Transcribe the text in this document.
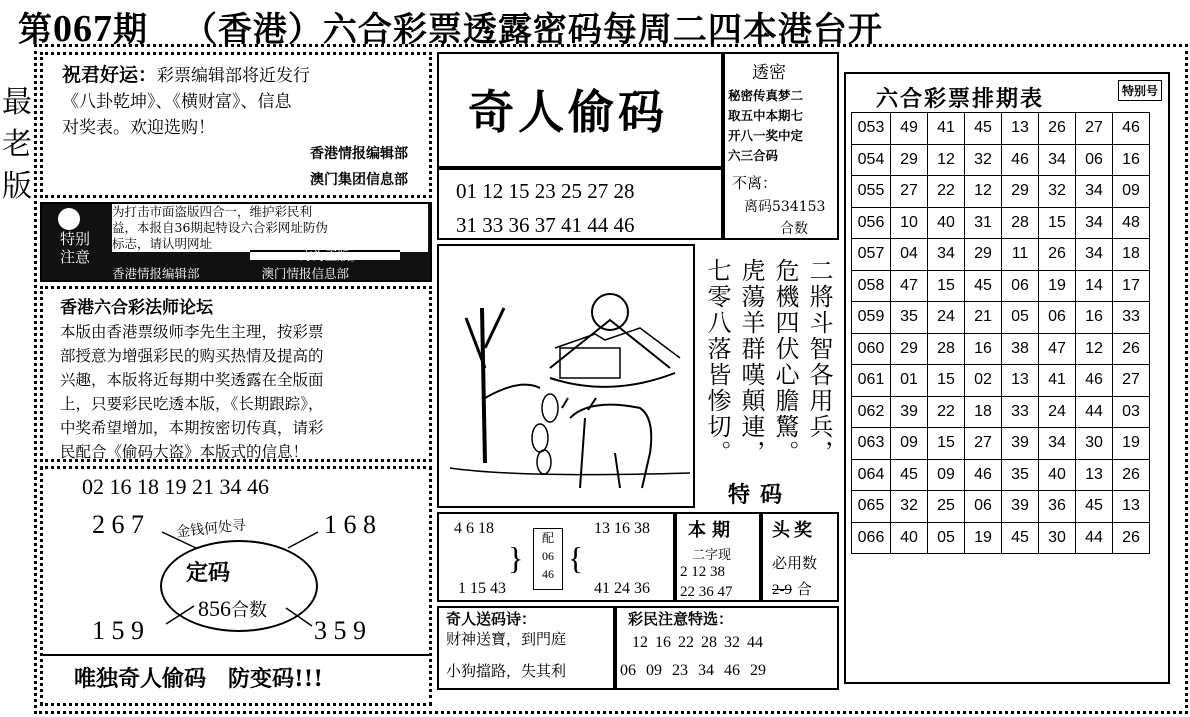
第067期 （香港）六合彩票透露密码每周二四本港台开
最
老
版
祝君好运：彩票编辑部将近发行
《八卦乾坤》、《横财富》、信息
对奖表。欢迎选购！
香港情报编辑部
澳门集团信息部
特别
注意
为打击市面盗版四合一，维护彩民利
益，本报自36期起特设六合彩网址防伪
标志，请认明网址
方为正版。
香港情报编辑部	澳门情报信息部
香港六合彩法师论坛
本版由香港票级师李先生主理，按彩票
部授意为增强彩民的购买热情及提高的
兴趣，本版将近每期中奖透露在全版面
上，只要彩民吃透本版，《长期跟踪》，
中奖希望增加，本期按密切传真，请彩
民配合《偷码大盗》本版式的信息！
02 16 18 19 21 34 46
2 6 7	1 6 8
金钱何处寻
定码
856合数
1 5 9	3 5 9
唯独奇人偷码　防变码!!!
奇人偷码
01 12 15 23 25 27 28
31 33 36 37 41 44 46
透密
秘密传真梦二
取五中本期七
开八一奖中定
六三合码
不离：
离码534153
合数
二將斗智各用兵，
危機四伏心膽驚。
虎蕩羊群嘆顛連，
七零八落皆惨切。
特码
4 6 18
1 15 43
}
配
06
46 {
13 16 38
41 24 36
本期
二字现
2 12 38
22 36 47
头奖
必用数
2-9 合
奇人送码诗：
财神送寶，到門庭
小狗擋路，失其利
彩民注意特选：
12 16 22 28 32 44
06 09 23 34 46 29
六合彩票排期表	特别号
053	49	41	45	13	26	27	46
054	29	12	32	46	34	06	16
055	27	22	12	29	32	34	09
056	10	40	31	28	15	34	48
057	04	34	29	11	26	34	18
058	47	15	45	06	19	14	17
059	35	24	21	05	06	16	33
060	29	28	16	38	47	12	26
061	01	15	02	13	41	46	27
062	39	22	18	33	24	44	03
063	09	15	27	39	34	30	19
064	45	09	46	35	40	13	26
065	32	25	06	39	36	45	13
066	40	05	19	45	30	44	26
